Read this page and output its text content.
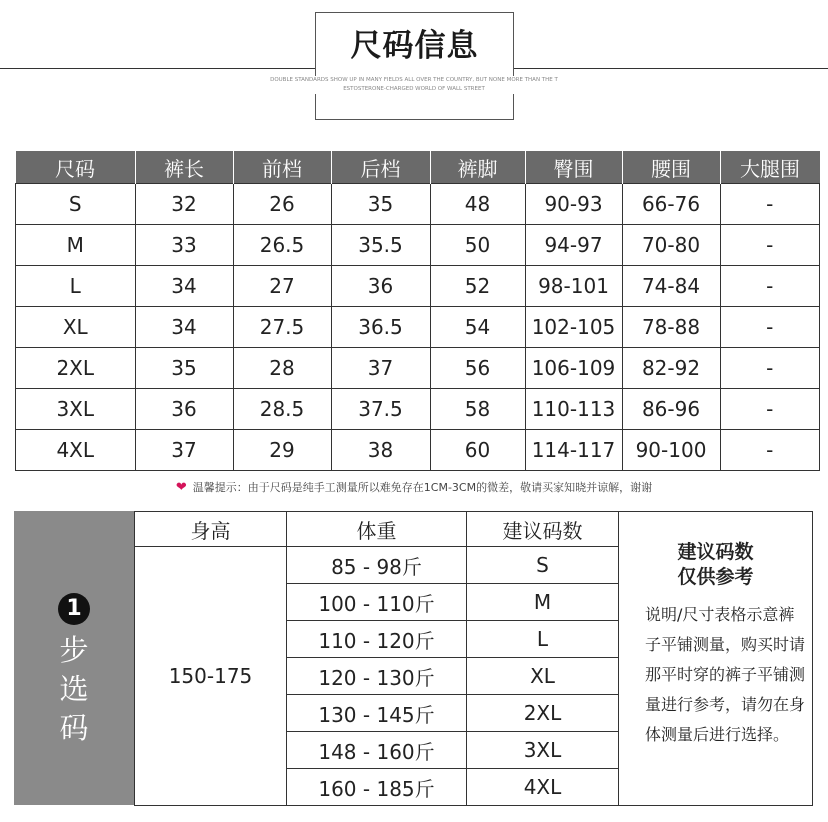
尺码信息
DOUBLE STANDARDS SHOW UP IN MANY FIELDS ALL OVER THE COUNTRY, BUT NONE MORE THAN THE T
ESTOSTERONE-CHARGED WORLD OF WALL STREET
尺码	裤长	前档	后档	裤脚	臀围	腰围	大腿围
S	32	26	35	48	90-93	66-76	-
M	33	26.5	35.5	50	94-97	70-80	-
L	34	27	36	52	98-101	74-84	-
XL	34	27.5	36.5	54	102-105	78-88	-
2XL	35	28	37	56	106-109	82-92	-
3XL	36	28.5	37.5	58	110-113	86-96	-
4XL	37	29	38	60	114-117	90-100	-
❤ 温馨提示：由于尺码是纯手工测量所以难免存在1CM-3CM的微差，敬请买家知晓并谅解，谢谢
1
步
选
码
身高	体重	建议码数	建议码数
仅供参考
说明/尺寸表格示意裤子平铺测量，购买时请那平时穿的裤子平铺测量进行参考，请勿在身体测量后进行选择。

150-175	85 - 98斤	S	
	100 - 110斤	M	
	110 - 120斤	L	
	120 - 130斤	XL	
	130 - 145斤	2XL	
	148 - 160斤	3XL	
	160 - 185斤	4XL	
